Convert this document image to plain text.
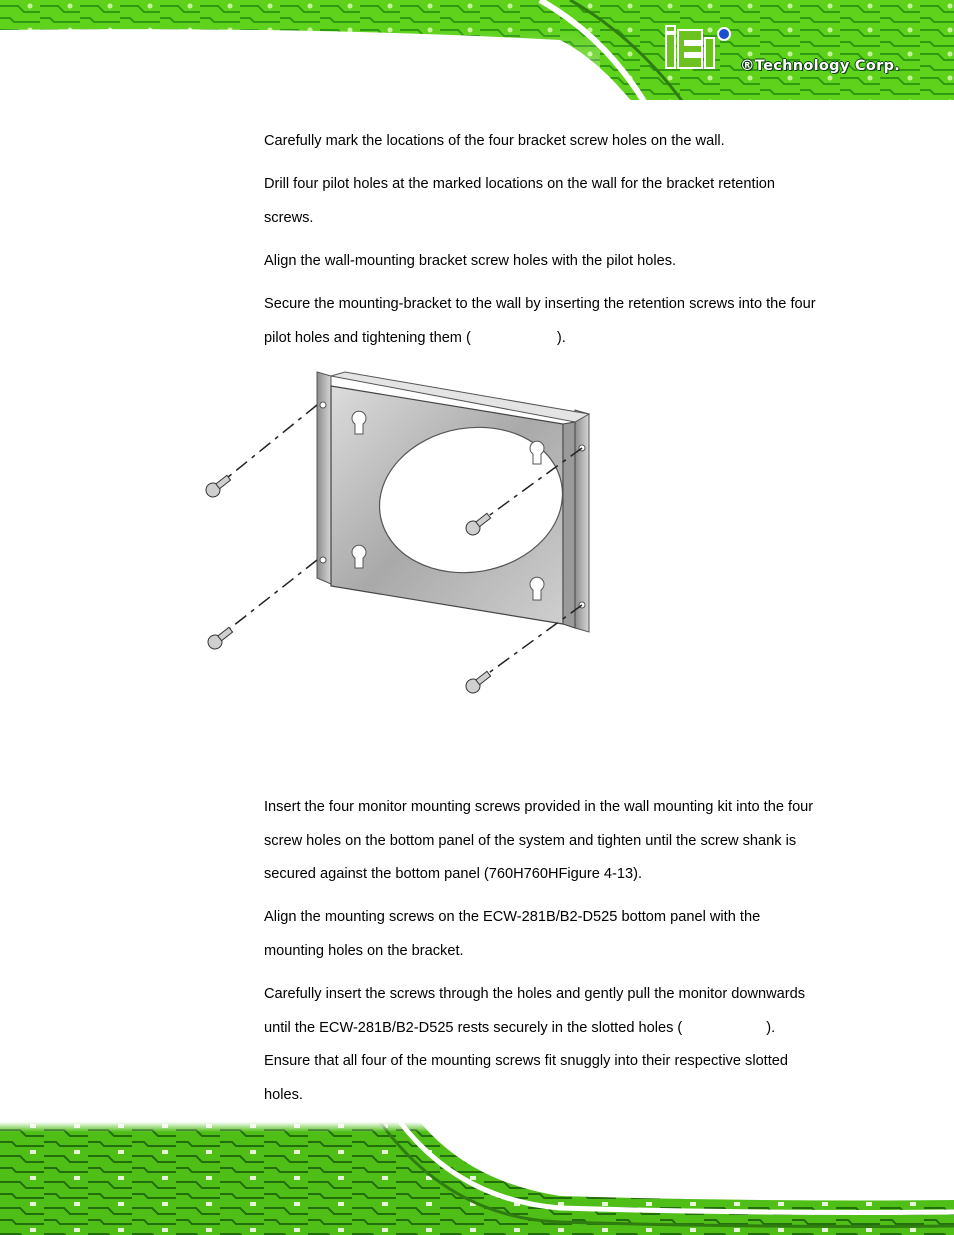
®Technology Corp.

Carefully mark the locations of the four bracket screw holes on the wall.

Drill four pilot holes at the marked locations on the wall for the bracket retention screws.

Align the wall-mounting bracket screw holes with the pilot holes.

Secure the mounting-bracket to the wall by inserting the retention screws into the four pilot holes and tightening them (	).

Insert the four monitor mounting screws provided in the wall mounting kit into the four screw holes on the bottom panel of the system and tighten until the screw shank is secured against the bottom panel (760H760HFigure 4-13).

Align the mounting screws on the ECW-281B/B2-D525 bottom panel with the mounting holes on the bracket.

Carefully insert the screws through the holes and gently pull the monitor downwards until the ECW-281B/B2-D525 rests securely in the slotted holes (	). Ensure that all four of the mounting screws fit snuggly into their respective slotted holes.
